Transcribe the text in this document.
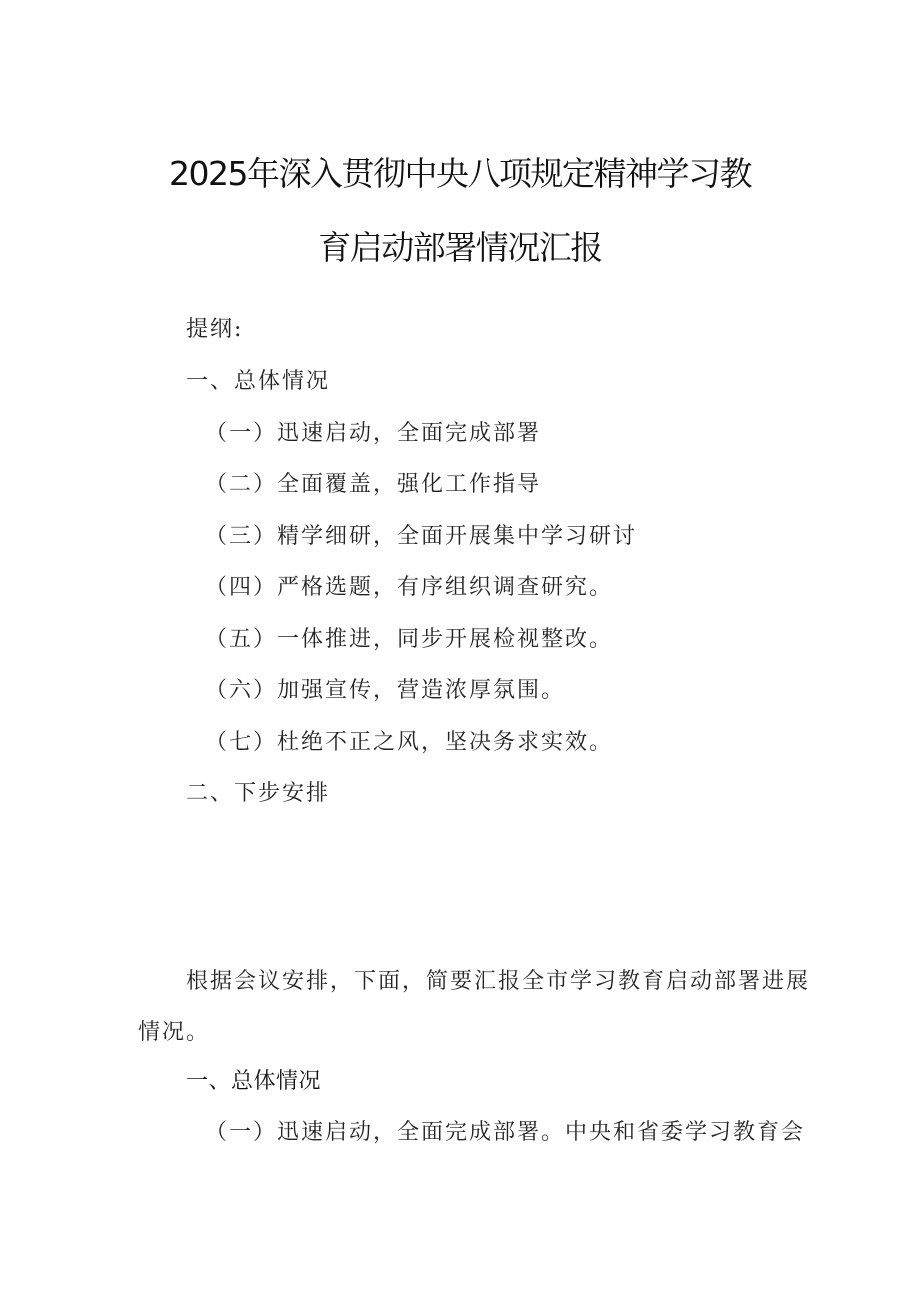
2025年深入贯彻中央八项规定精神学习教
育启动部署情况汇报
提纲:
一、总体情况
（一）迅速启动，全面完成部署
（二）全面覆盖，强化工作指导
（三）精学细研，全面开展集中学习研讨
（四）严格选题，有序组织调查研究。
（五）一体推进，同步开展检视整改。
（六）加强宣传，营造浓厚氛围。
（七）杜绝不正之风，坚决务求实效。
二、下步安排
根据会议安排，下面，简要汇报全市学习教育启动部署进展
情况。
一、总体情况
（一）迅速启动，全面完成部署。中央和省委学习教育会
